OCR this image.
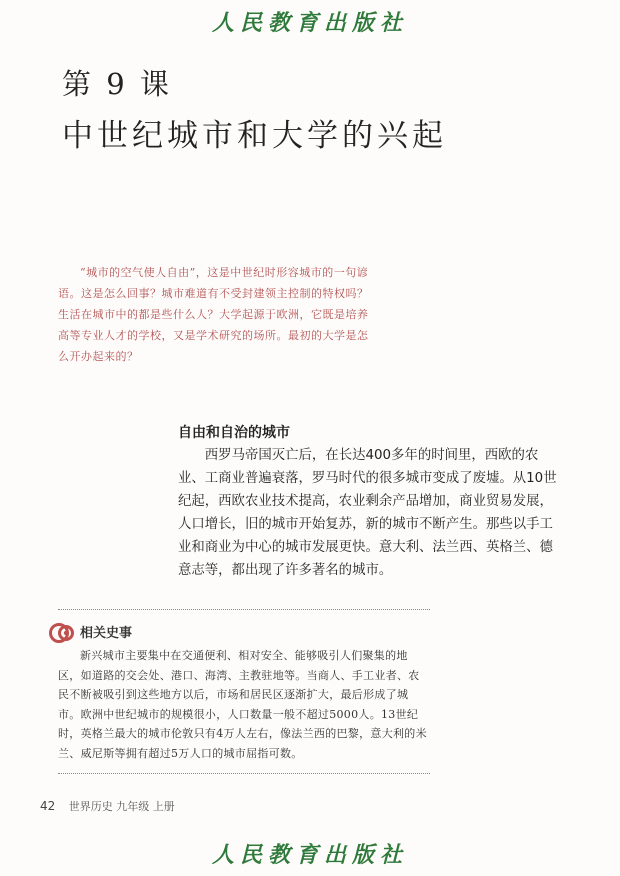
人民教育出版社
第 9 课
中世纪城市和大学的兴起

“城市的空气使人自由”，这是中世纪时形容城市的一句谚语。这是怎么回事？城市难道有不受封建领主控制的特权吗？生活在城市中的都是些什么人？大学起源于欧洲，它既是培养高等专业人才的学校，又是学术研究的场所。最初的大学是怎么开办起来的？

自由和自治的城市

西罗马帝国灭亡后，在长达400多年的时间里，西欧的农业、工商业普遍衰落，罗马时代的很多城市变成了废墟。从10世纪起，西欧农业技术提高，农业剩余产品增加，商业贸易发展，人口增长，旧的城市开始复苏，新的城市不断产生。那些以手工业和商业为中心的城市发展更快。意大利、法兰西、英格兰、德意志等，都出现了许多著名的城市。

相关史事

新兴城市主要集中在交通便利、相对安全、能够吸引人们聚集的地区，如道路的交会处、港口、海湾、主教驻地等。当商人、手工业者、农民不断被吸引到这些地方以后，市场和居民区逐渐扩大，最后形成了城市。欧洲中世纪城市的规模很小，人口数量一般不超过5000人。13世纪时，英格兰最大的城市伦敦只有4万人左右，像法兰西的巴黎，意大利的米兰、威尼斯等拥有超过5万人口的城市屈指可数。

42 世界历史 九年级 上册
人民教育出版社
